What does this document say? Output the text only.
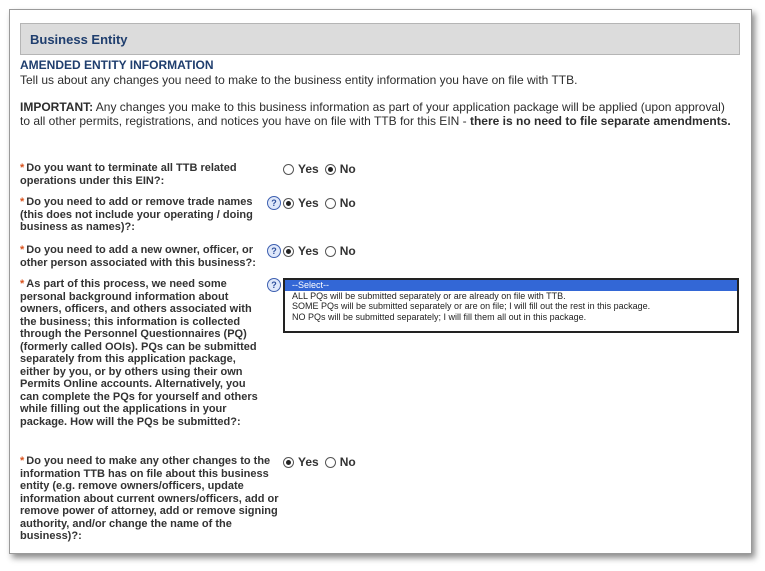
Business Entity
AMENDED ENTITY INFORMATION
Tell us about any changes you need to make to the business entity information you have on file with TTB.
IMPORTANT: Any changes you make to this business information as part of your application package will be applied (upon approval) to all other permits, registrations, and notices you have on file with TTB for this EIN - there is no need to file separate amendments.
* Do you want to terminate all TTB related operations under this EIN?:
Yes No
* Do you need to add or remove trade names (this does not include your operating / doing business as names)?:
?	Yes No
* Do you need to add a new owner, officer, or other person associated with this business?:
?	Yes No
* As part of this process, we need some personal background information about owners, officers, and others associated with the business; this information is collected through the Personnel Questionnaires (PQ) (formerly called OOIs). PQs can be submitted separately from this application package, either by you, or by others using their own Permits Online accounts. Alternatively, you can complete the PQs for yourself and others while filling out the applications in your package. How will the PQs be submitted?:
?	--Select--
ALL PQs will be submitted separately or are already on file with TTB.
SOME PQs will be submitted separately or are on file; I will fill out the rest in this package.
NO PQs will be submitted separately; I will fill them all out in this package.
* Do you need to make any other changes to the information TTB has on file about this business entity (e.g. remove owners/officers, update information about current owners/officers, add or remove power of attorney, add or remove signing authority, and/or change the name of the business)?:
Yes No
